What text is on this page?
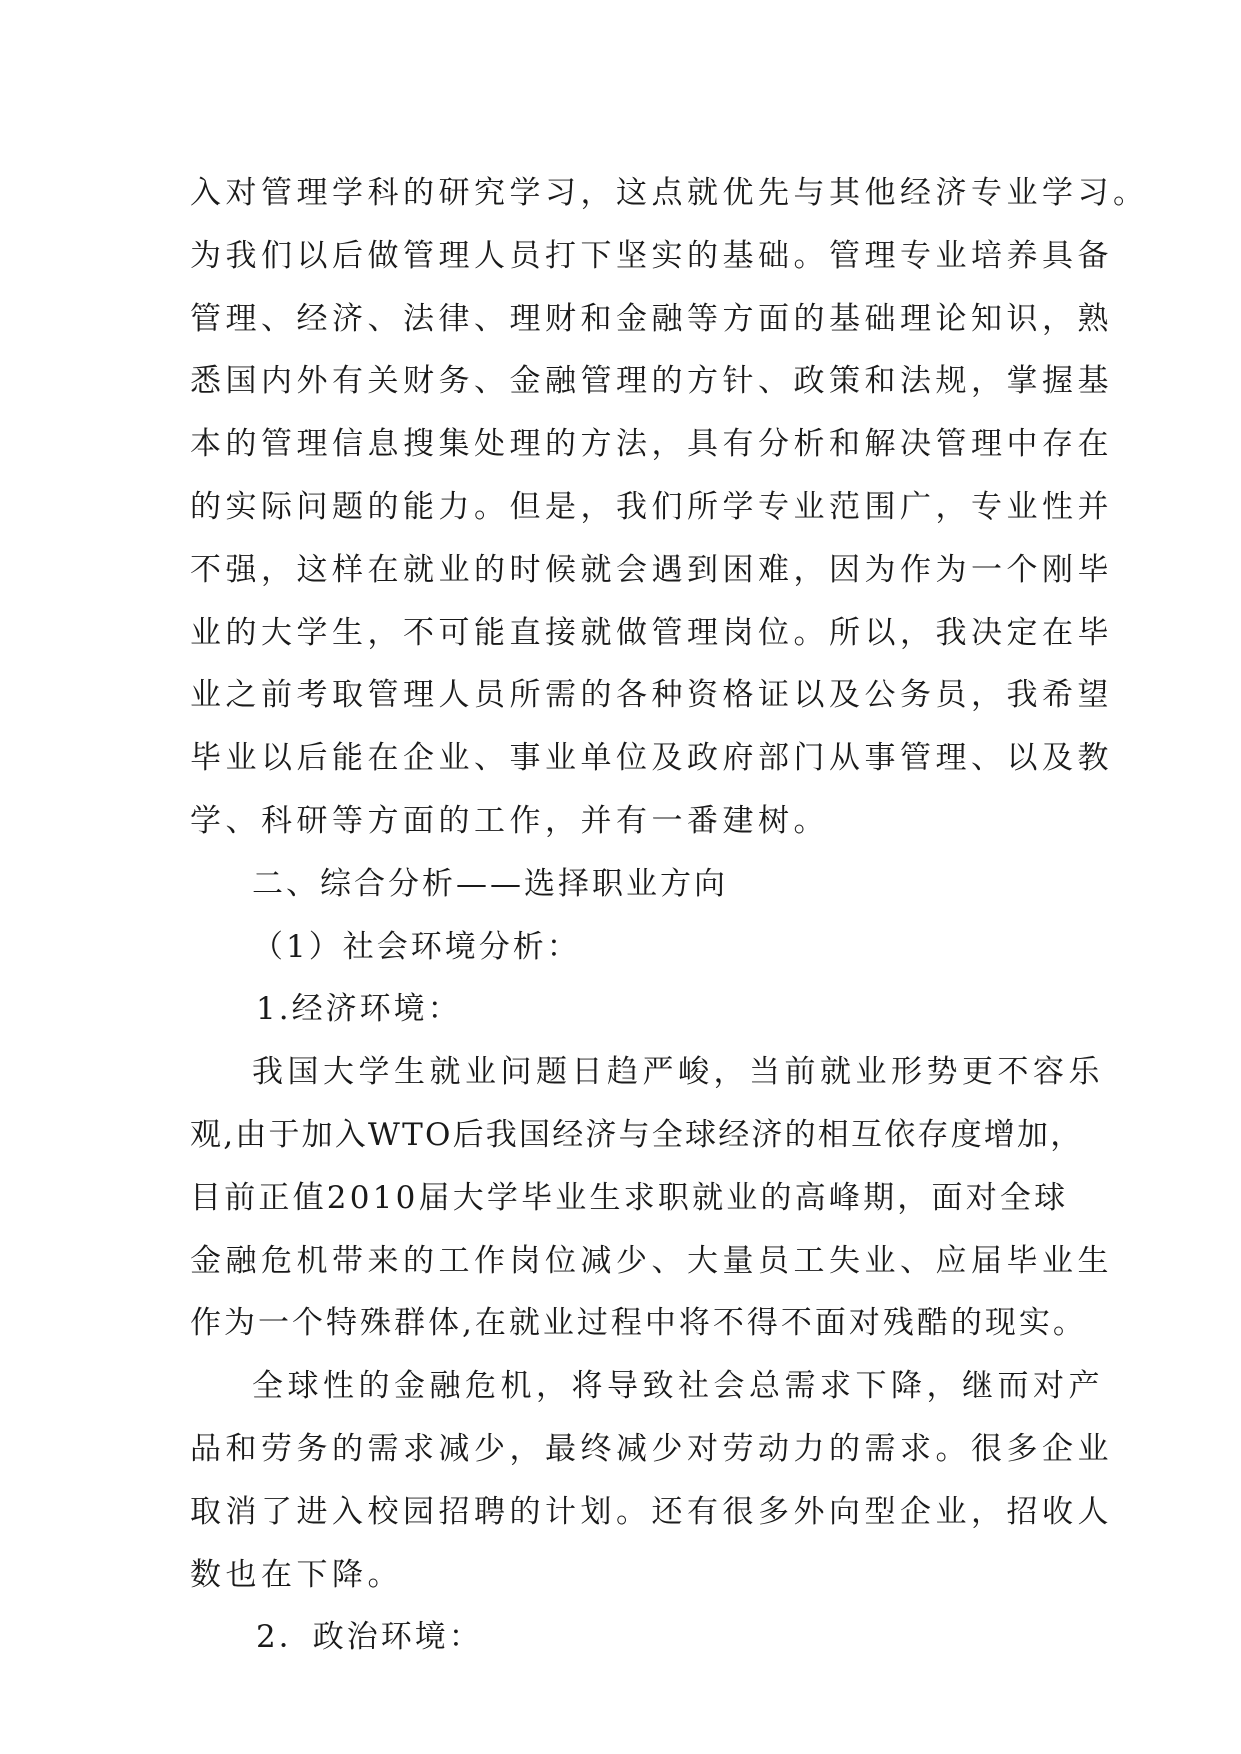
入对管理学科的研究学习，这点就优先与其他经济专业学习。
为我们以后做管理人员打下坚实的基础。管理专业培养具备
管理、经济、法律、理财和金融等方面的基础理论知识，熟
悉国内外有关财务、金融管理的方针、政策和法规，掌握基
本的管理信息搜集处理的方法，具有分析和解决管理中存在
的实际问题的能力。但是，我们所学专业范围广，专业性并
不强，这样在就业的时候就会遇到困难，因为作为一个刚毕
业的大学生，不可能直接就做管理岗位。所以，我决定在毕
业之前考取管理人员所需的各种资格证以及公务员，我希望
毕业以后能在企业、事业单位及政府部门从事管理、以及教
学、科研等方面的工作，并有一番建树。
二、综合分析——选择职业方向
（1）社会环境分析：
1.经济环境：
我国大学生就业问题日趋严峻，当前就业形势更不容乐
观,由于加入WTO后我国经济与全球经济的相互依存度增加，
目前正值2010届大学毕业生求职就业的高峰期，面对全球
金融危机带来的工作岗位减少、大量员工失业、应届毕业生
作为一个特殊群体,在就业过程中将不得不面对残酷的现实。
全球性的金融危机，将导致社会总需求下降，继而对产
品和劳务的需求减少，最终减少对劳动力的需求。很多企业
取消了进入校园招聘的计划。还有很多外向型企业，招收人
数也在下降。
2．政治环境：
